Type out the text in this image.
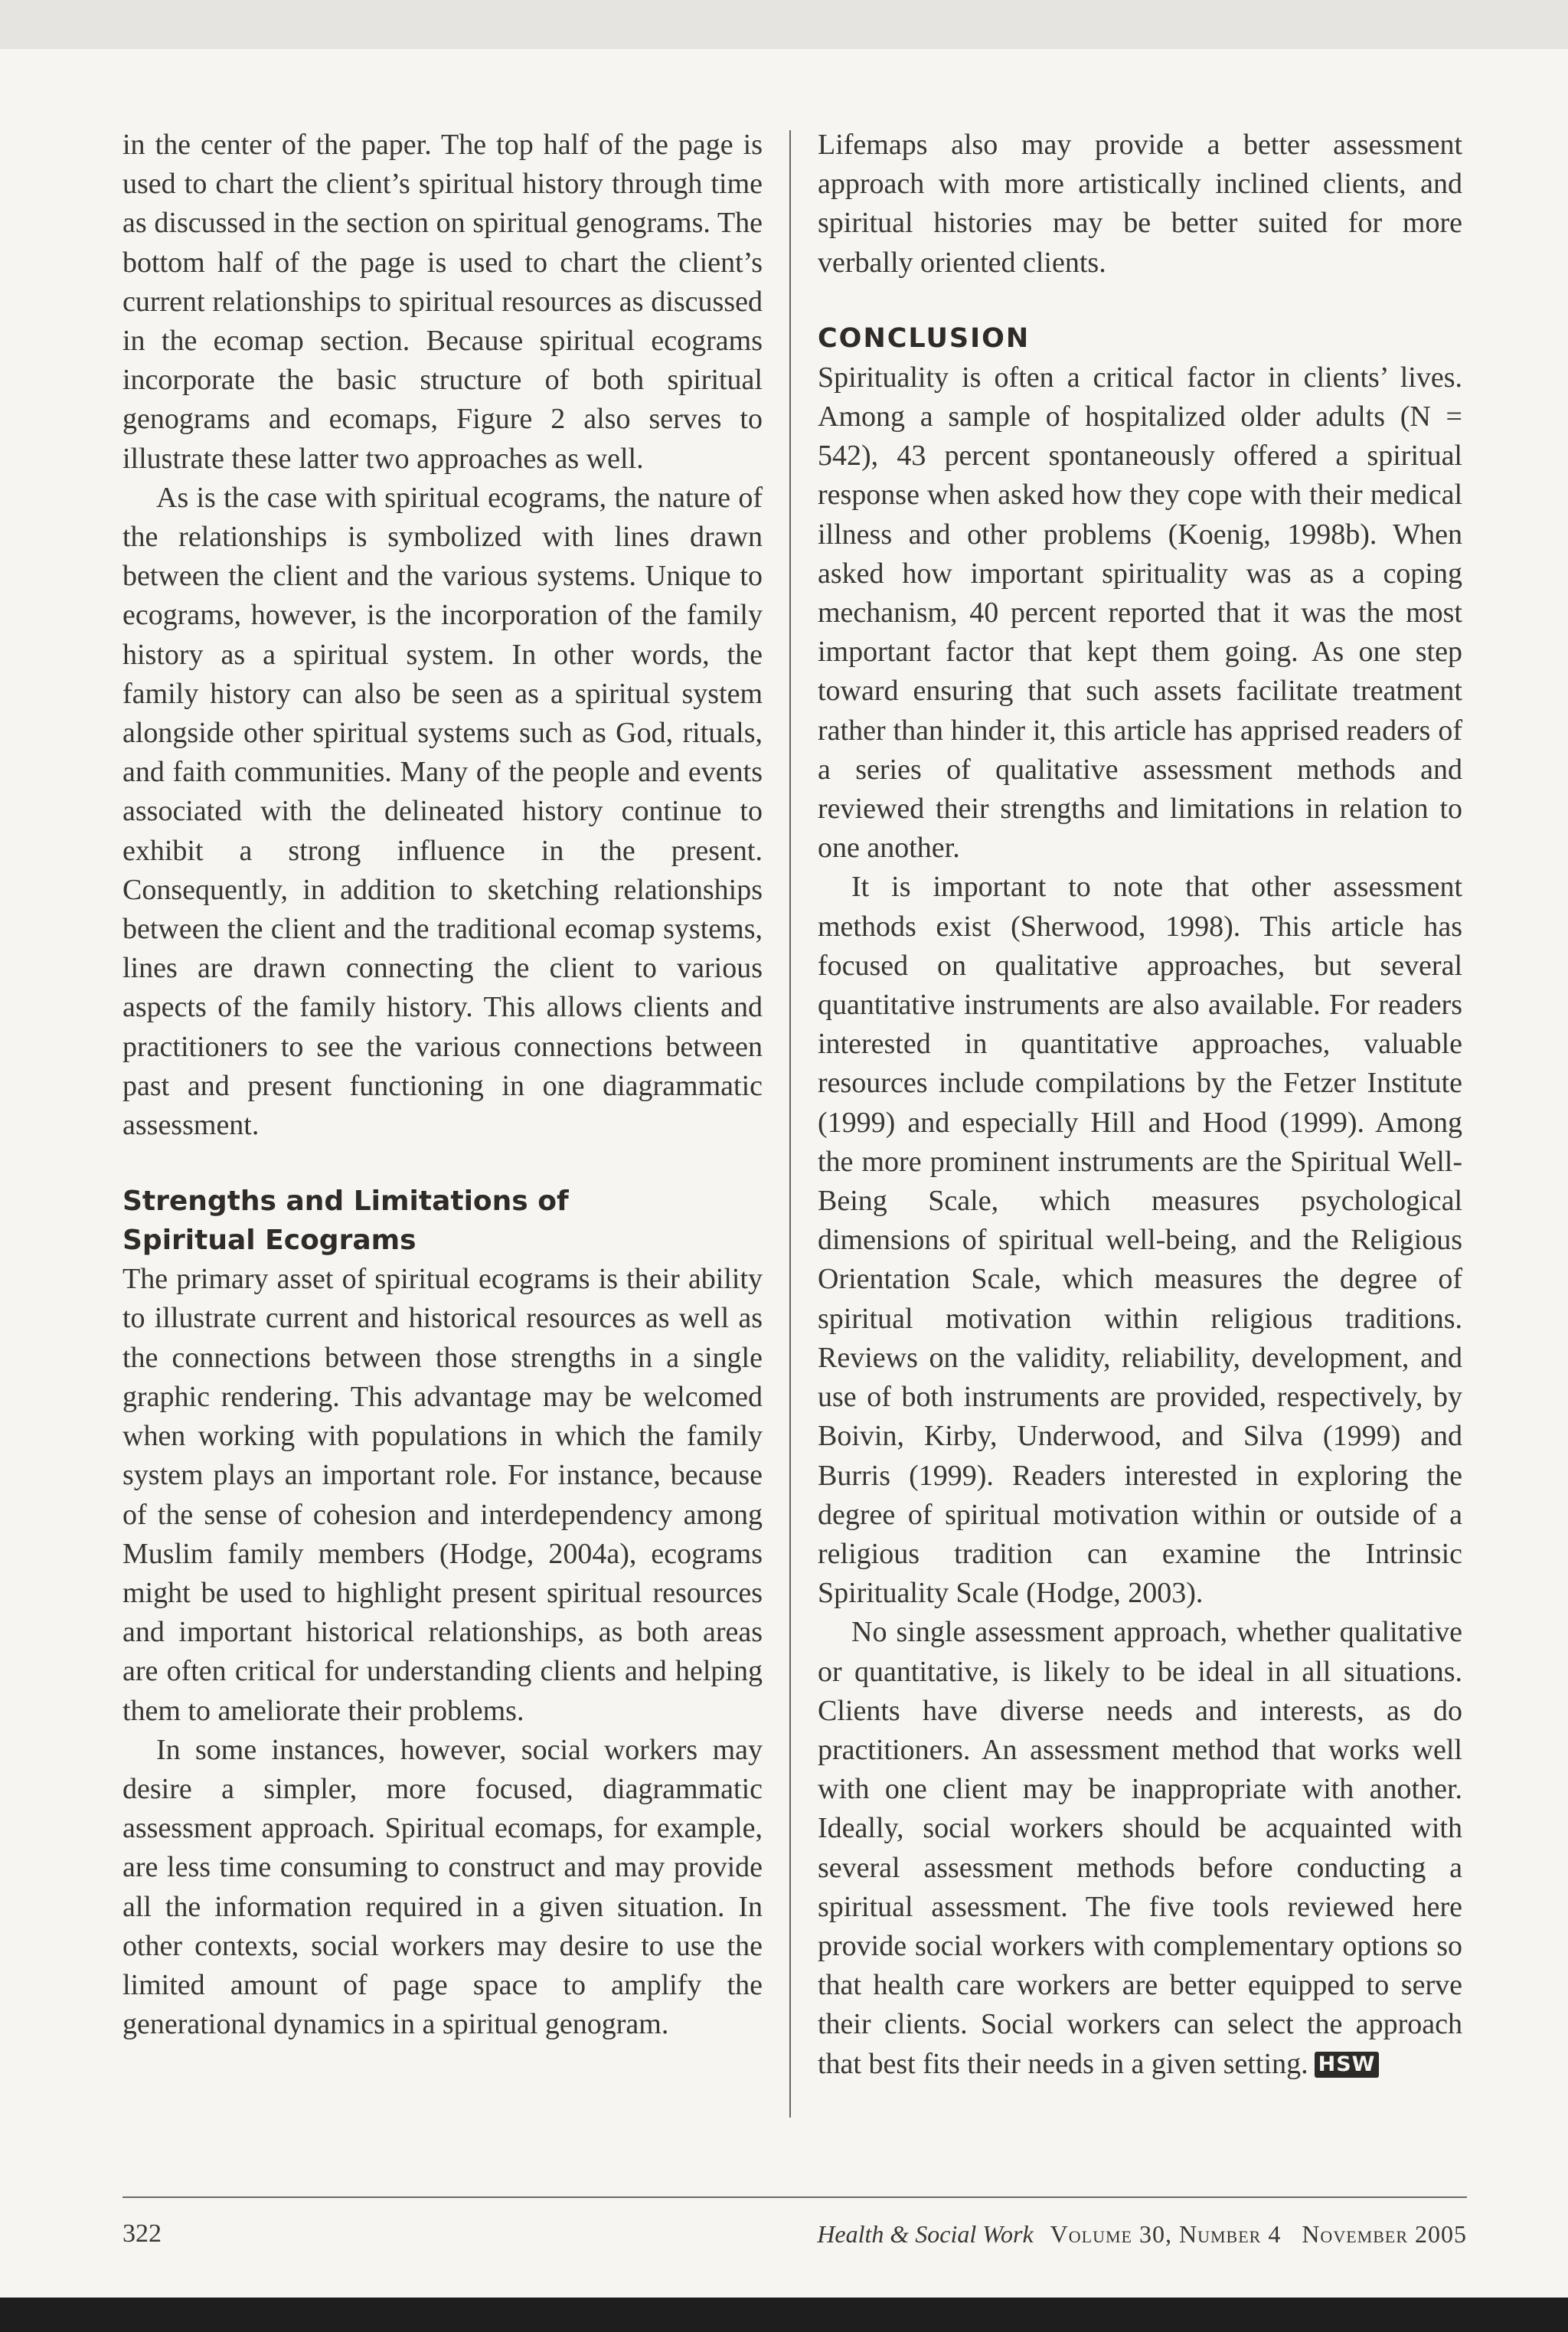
in the center of the paper. The top half of the page is used to chart the client’s spiritual history through time as discussed in the section on spiritual genograms. The bottom half of the page is used to chart the client’s current relationships to spiritual resources as discussed in the ecomap section. Because spiritual ecograms incorporate the basic structure of both spiritual genograms and ecomaps, Figure 2 also serves to illustrate these latter two approaches as well.

As is the case with spiritual ecograms, the nature of the relationships is symbolized with lines drawn between the client and the various systems. Unique to ecograms, however, is the incorporation of the family history as a spiritual system. In other words, the family history can also be seen as a spiritual system alongside other spiritual systems such as God, rituals, and faith communities. Many of the people and events associated with the delineated history continue to exhibit a strong influence in the present. Consequently, in addition to sketching relationships between the client and the traditional ecomap systems, lines are drawn connecting the client to various aspects of the family history. This allows clients and practitioners to see the various connections between past and present functioning in one diagrammatic assessment.

Strengths and Limitations of
Spiritual Ecograms

The primary asset of spiritual ecograms is their ability to illustrate current and historical resources as well as the connections between those strengths in a single graphic rendering. This advantage may be welcomed when working with populations in which the family system plays an important role. For instance, because of the sense of cohesion and interdependency among Muslim family members (Hodge, 2004a), ecograms might be used to highlight present spiritual resources and important historical relationships, as both areas are often critical for understanding clients and helping them to ameliorate their problems.

In some instances, however, social workers may desire a simpler, more focused, diagrammatic assessment approach. Spiritual ecomaps, for example, are less time consuming to construct and may provide all the information required in a given situation. In other contexts, social workers may desire to use the limited amount of page space to amplify the generational dynamics in a spiritual genogram.

Lifemaps also may provide a better assessment approach with more artistically inclined clients, and spiritual histories may be better suited for more verbally oriented clients.

CONCLUSION

Spirituality is often a critical factor in clients’ lives. Among a sample of hospitalized older adults (N = 542), 43 percent spontaneously offered a spiritual response when asked how they cope with their medical illness and other problems (Koenig, 1998b). When asked how important spirituality was as a coping mechanism, 40 percent reported that it was the most important factor that kept them going. As one step toward ensuring that such assets facilitate treatment rather than hinder it, this article has apprised readers of a series of qualitative assessment methods and reviewed their strengths and limitations in relation to one another.

It is important to note that other assessment methods exist (Sherwood, 1998). This article has focused on qualitative approaches, but several quantitative instruments are also available. For readers interested in quantitative approaches, valuable resources include compilations by the Fetzer Institute (1999) and especially Hill and Hood (1999). Among the more prominent instruments are the Spiritual Well-Being Scale, which measures psychological dimensions of spiritual well-being, and the Religious Orientation Scale, which measures the degree of spiritual motivation within religious traditions. Reviews on the validity, reliability, development, and use of both instruments are provided, respectively, by Boivin, Kirby, Underwood, and Silva (1999) and Burris (1999). Readers interested in exploring the degree of spiritual motivation within or outside of a religious tradition can examine the Intrinsic Spirituality Scale (Hodge, 2003).

No single assessment approach, whether qualitative or quantitative, is likely to be ideal in all situations. Clients have diverse needs and interests, as do practitioners. An assessment method that works well with one client may be inappropriate with another. Ideally, social workers should be acquainted with several assessment methods before conducting a spiritual assessment. The five tools reviewed here provide social workers with complementary options so that health care workers are better equipped to serve their clients. Social workers can select the approach that best fits their needs in a given setting. HSW

322	Health & Social Work Volume 30, Number 4   November 2005
